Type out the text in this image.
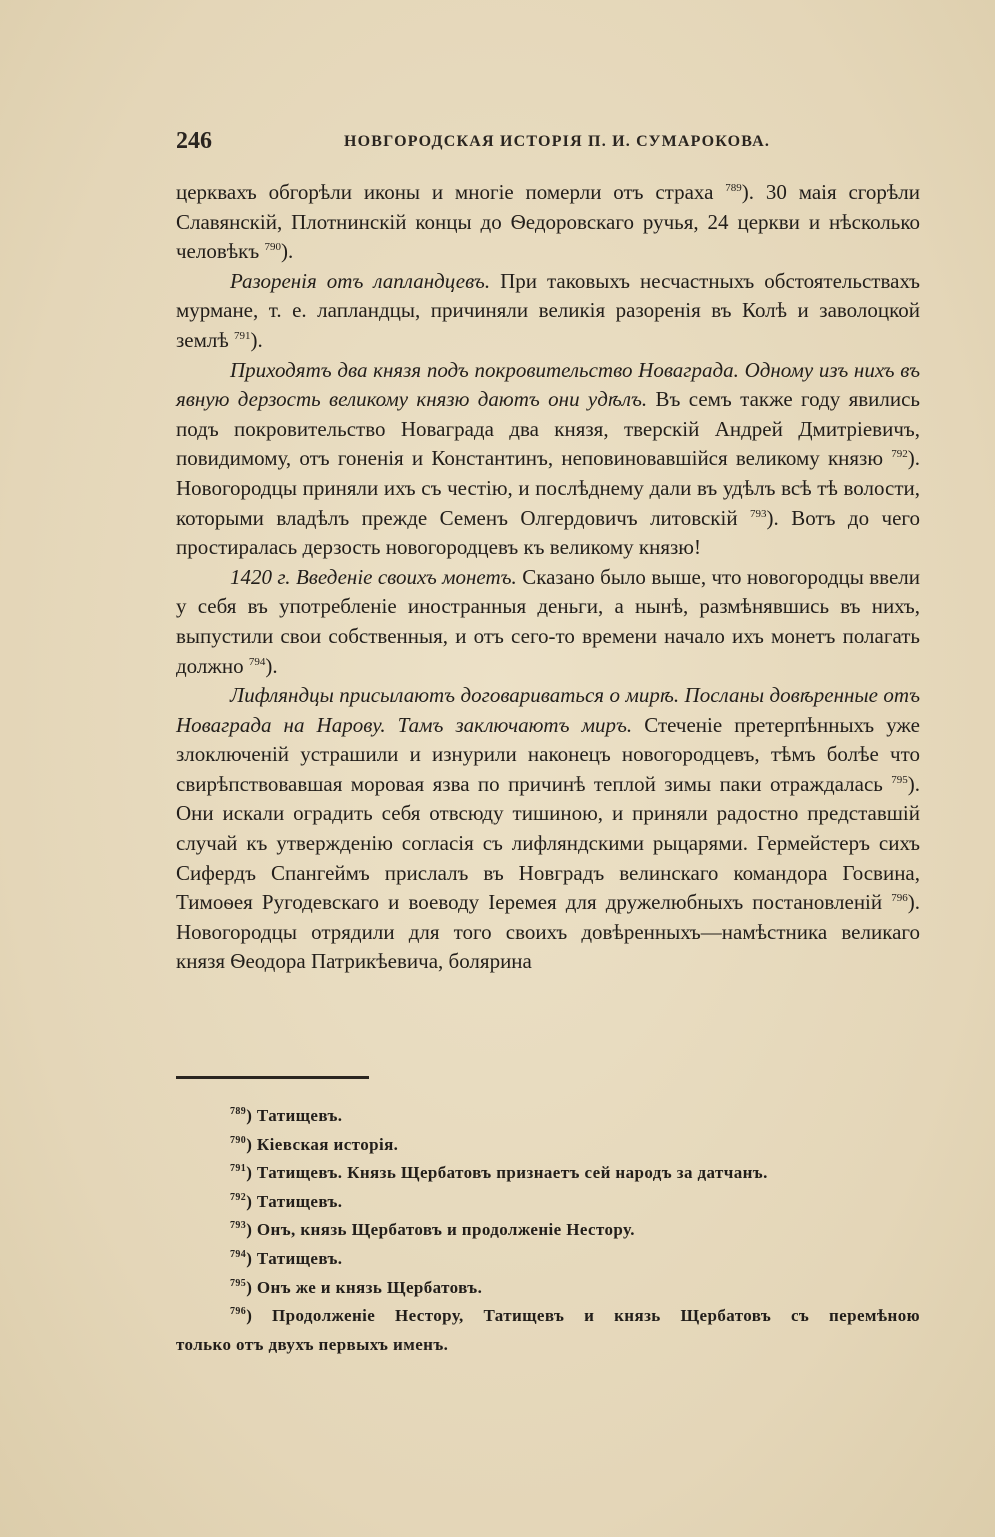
246	НОВГОРОДСКАЯ ИСТОРІЯ П. И. СУМАРОКОВА.

церквахъ обгорѣли иконы и многіе померли отъ страха $^{789}$). 30 маія сгорѣли Славянскій, Плотнинскій концы до Ѳедоровскаго ручья, 24 церкви и нѣсколько человѣкъ $^{790}$).

Разоренія отъ лапландцевъ. При таковыхъ несчастныхъ обстоятельствахъ мурмане, т. е. лапландцы, причиняли великія разоренія въ Колѣ и заволоцкой землѣ $^{791}$).

Приходятъ два князя подъ покровительство Новаграда. Одному изъ нихъ въ явную дерзость великому князю даютъ они удѣлъ. Въ семъ также году явились подъ покровительство Новаграда два князя, тверскій Андрей Дмитріевичъ, повидимому, отъ гоненія и Константинъ, неповиновавшійся великому князю $^{792}$). Новогородцы приняли ихъ съ честію, и послѣднему дали въ удѣлъ всѣ тѣ волости, которыми владѣлъ прежде Семенъ Олгердовичъ литовскій $^{793}$). Вотъ до чего простиралась дерзость новогородцевъ къ великому князю!

1420 г. Введеніе своихъ монетъ. Сказано было выше, что новогородцы ввели у себя въ употребленіе иностранныя деньги, а нынѣ, размѣнявшись въ нихъ, выпустили свои собственныя, и отъ сего-то времени начало ихъ монетъ полагать должно $^{794}$).

Лифляндцы присылаютъ договариваться о мирѣ. Посланы довѣренные отъ Новаграда на Нарову. Тамъ заключаютъ миръ. Стеченіе претерпѣнныхъ уже злоключеній устрашили и изнурили наконецъ новогородцевъ, тѣмъ болѣе что свирѣпствовавшая моровая язва по причинѣ теплой зимы паки отраждалась $^{795}$). Они искали оградить себя отвсюду тишиною, и приняли радостно представшій случай къ утвержденію согласія съ лифляндскими рыцарями. Гермейстеръ сихъ Сифердъ Спангеймъ прислалъ въ Новградъ велинскаго командора Госвина, Тимоѳея Ругодевскаго и воеводу Іеремея для дружелюбныхъ постановленій $^{796}$). Новогородцы отрядили для того своихъ довѣренныхъ—намѣстника великаго князя Ѳеодора Патрикѣевича, болярина

$^{789}$) Татищевъ.

$^{790}$) Кіевская исторія.

$^{791}$) Татищевъ. Князь Щербатовъ признаетъ сей народъ за датчанъ.

$^{792}$) Татищевъ.

$^{793}$) Онъ, князь Щербатовъ и продолженіе Нестору.

$^{794}$) Татищевъ.

$^{795}$) Онъ же и князь Щербатовъ.

$^{796}$) Продолженіе Нестору, Татищевъ и князь Щербатовъ съ перемѣною

только отъ двухъ первыхъ именъ.
